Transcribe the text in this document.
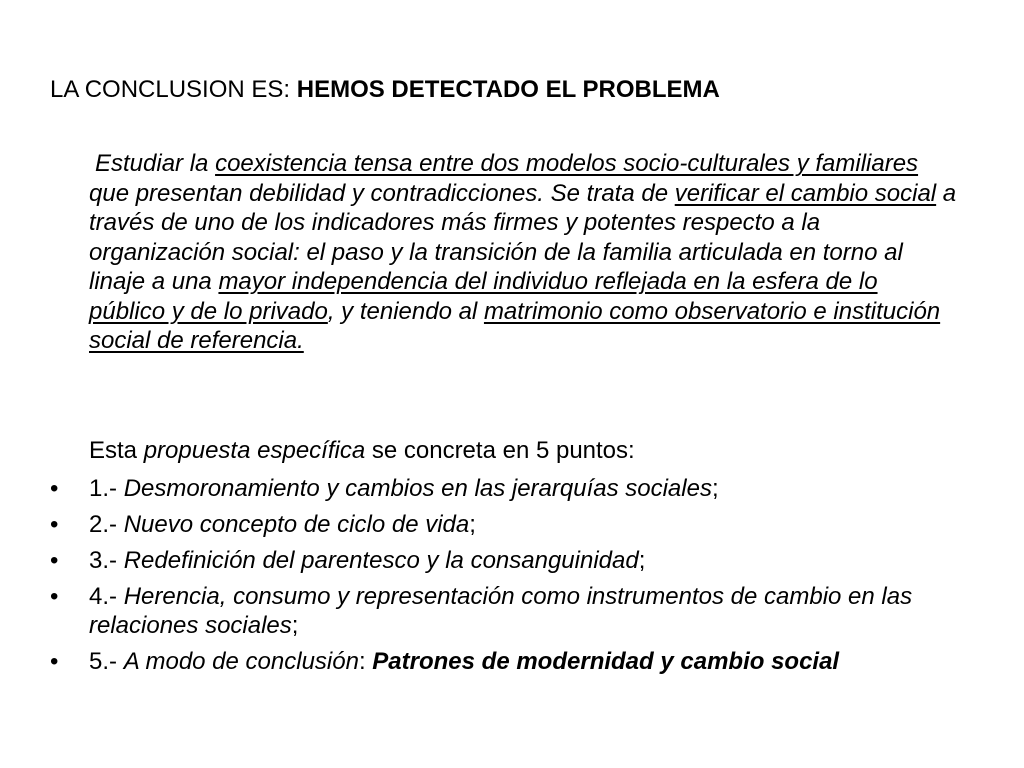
LA CONCLUSION ES: HEMOS DETECTADO EL PROBLEMA
Estudiar la coexistencia tensa entre dos modelos socio-culturales y familiares que presentan debilidad y contradicciones. Se trata de verificar el cambio social a través de uno de los indicadores más firmes y potentes respecto a la organización social: el paso y la transición de la familia articulada en torno al linaje a una mayor independencia del individuo reflejada en la esfera de lo público y de lo privado, y teniendo al matrimonio como observatorio e institución social de referencia.
Esta propuesta específica se concreta en 5 puntos:
•	1.- Desmoronamiento y cambios en las jerarquías sociales;
•	2.- Nuevo concepto de ciclo de vida;
•	3.- Redefinición del parentesco y la consanguinidad;
•	4.- Herencia, consumo y representación como instrumentos de cambio en las relaciones sociales;
•	5.- A modo de conclusión: Patrones de modernidad y cambio social
